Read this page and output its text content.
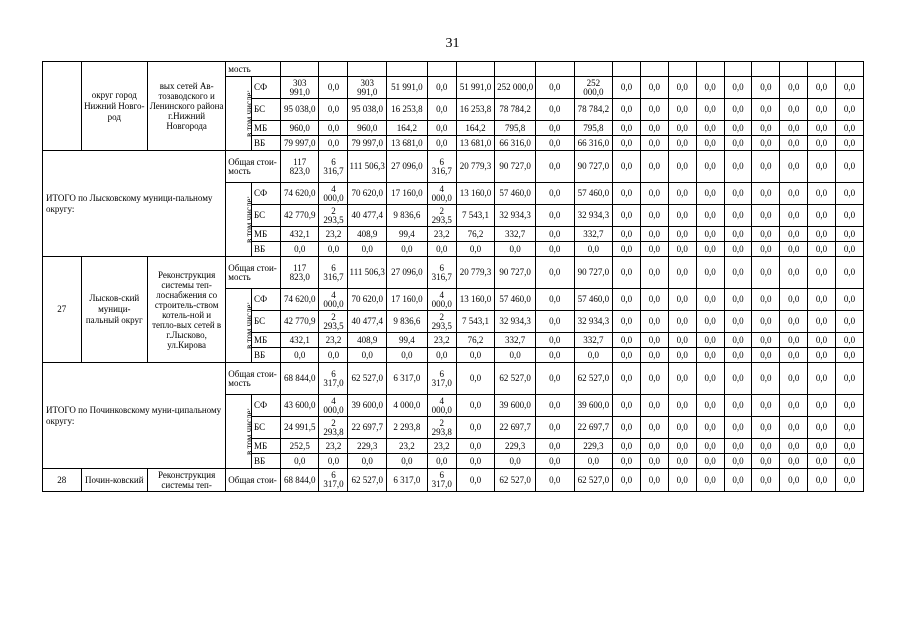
31
	округ город Нижний Новго-род	вых сетей Ав-тозаводского и Ленинского района г.Нижний Новгорода	мость																			
			в том числе:	СФ	303 991,0	0,0	303 991,0	51 991,0	0,0	51 991,0	252 000,0	0,0	252 000,0	0,0	0,0	0,0	0,0	0,0	0,0	0,0	0,0	0,0
				БС	95 038,0	0,0	95 038,0	16 253,8	0,0	16 253,8	78 784,2	0,0	78 784,2	0,0	0,0	0,0	0,0	0,0	0,0	0,0	0,0	0,0
				МБ	960,0	0,0	960,0	164,2	0,0	164,2	795,8	0,0	795,8	0,0	0,0	0,0	0,0	0,0	0,0	0,0	0,0	0,0
				ВБ	79 997,0	0,0	79 997,0	13 681,0	0,0	13 681,0	66 316,0	0,0	66 316,0	0,0	0,0	0,0	0,0	0,0	0,0	0,0	0,0	0,0
ИТОГО по Лысковскому муници-пальному округу:			Общая стои-мость		117 823,0	6 316,7	111 506,3	27 096,0	6 316,7	20 779,3	90 727,0	0,0	90 727,0	0,0	0,0	0,0	0,0	0,0	0,0	0,0	0,0	0,0
			в том числе:	СФ	74 620,0	4 000,0	70 620,0	17 160,0	4 000,0	13 160,0	57 460,0	0,0	57 460,0	0,0	0,0	0,0	0,0	0,0	0,0	0,0	0,0	0,0
				БС	42 770,9	2 293,5	40 477,4	9 836,6	2 293,5	7 543,1	32 934,3	0,0	32 934,3	0,0	0,0	0,0	0,0	0,0	0,0	0,0	0,0	0,0
				МБ	432,1	23,2	408,9	99,4	23,2	76,2	332,7	0,0	332,7	0,0	0,0	0,0	0,0	0,0	0,0	0,0	0,0	0,0
				ВБ	0,0	0,0	0,0	0,0	0,0	0,0	0,0	0,0	0,0	0,0	0,0	0,0	0,0	0,0	0,0	0,0	0,0	0,0
27	Лысков-ский муници-пальный округ	Реконструкция системы теп-лоснабжения со строитель-ством котель-ной и тепло-вых сетей в г.Лысково, ул.Кирова	Общая стои-мость		117 823,0	6 316,7	111 506,3	27 096,0	6 316,7	20 779,3	90 727,0	0,0	90 727,0	0,0	0,0	0,0	0,0	0,0	0,0	0,0	0,0	0,0
			в том числе:	СФ	74 620,0	4 000,0	70 620,0	17 160,0	4 000,0	13 160,0	57 460,0	0,0	57 460,0	0,0	0,0	0,0	0,0	0,0	0,0	0,0	0,0	0,0
				БС	42 770,9	2 293,5	40 477,4	9 836,6	2 293,5	7 543,1	32 934,3	0,0	32 934,3	0,0	0,0	0,0	0,0	0,0	0,0	0,0	0,0	0,0
				МБ	432,1	23,2	408,9	99,4	23,2	76,2	332,7	0,0	332,7	0,0	0,0	0,0	0,0	0,0	0,0	0,0	0,0	0,0
				ВБ	0,0	0,0	0,0	0,0	0,0	0,0	0,0	0,0	0,0	0,0	0,0	0,0	0,0	0,0	0,0	0,0	0,0	0,0
ИТОГО по Починковскому муни-ципальному округу:			Общая стои-мость		68 844,0	6 317,0	62 527,0	6 317,0	6 317,0	0,0	62 527,0	0,0	62 527,0	0,0	0,0	0,0	0,0	0,0	0,0	0,0	0,0	0,0
			в том числе:	СФ	43 600,0	4 000,0	39 600,0	4 000,0	4 000,0	0,0	39 600,0	0,0	39 600,0	0,0	0,0	0,0	0,0	0,0	0,0	0,0	0,0	0,0
				БС	24 991,5	2 293,8	22 697,7	2 293,8	2 293,8	0,0	22 697,7	0,0	22 697,7	0,0	0,0	0,0	0,0	0,0	0,0	0,0	0,0	0,0
				МБ	252,5	23,2	229,3	23,2	23,2	0,0	229,3	0,0	229,3	0,0	0,0	0,0	0,0	0,0	0,0	0,0	0,0	0,0
				ВБ	0,0	0,0	0,0	0,0	0,0	0,0	0,0	0,0	0,0	0,0	0,0	0,0	0,0	0,0	0,0	0,0	0,0	0,0
28	Почин-ковский	Реконструкция системы теп-	Общая стои-		68 844,0	6 317,0	62 527,0	6 317,0	6 317,0	0,0	62 527,0	0,0	62 527,0	0,0	0,0	0,0	0,0	0,0	0,0	0,0	0,0	0,0
